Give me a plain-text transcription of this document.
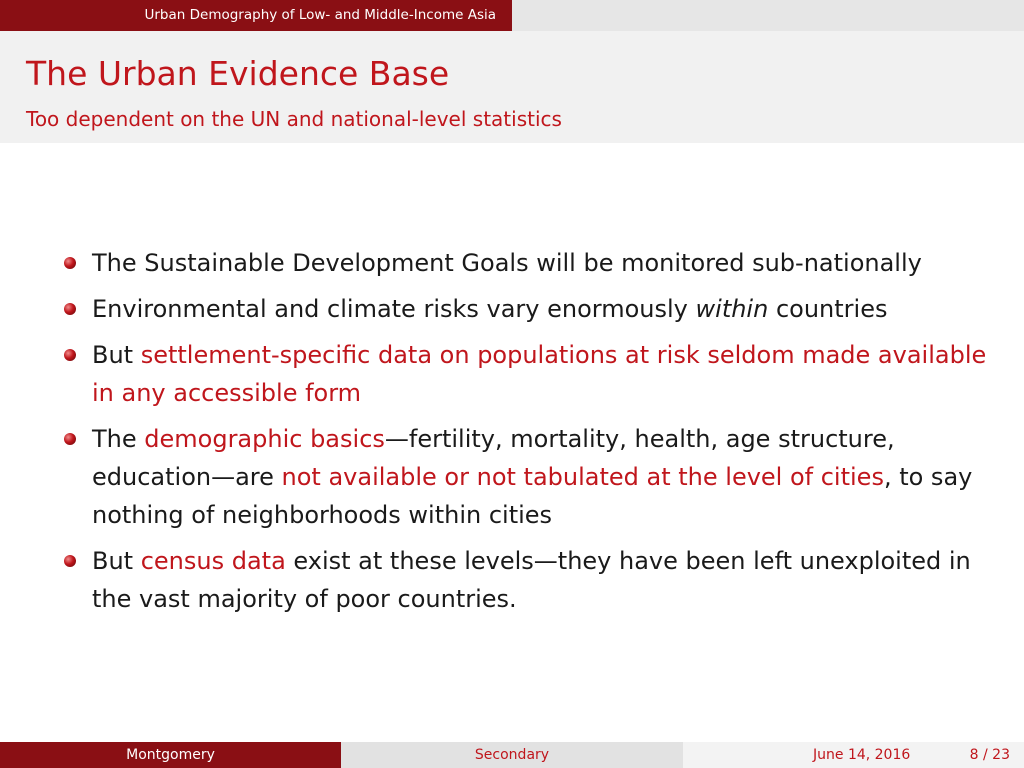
Urban Demography of Low- and Middle-Income Asia
The Urban Evidence Base
Too dependent on the UN and national-level statistics
The Sustainable Development Goals will be monitored sub-nationally
Environmental and climate risks vary enormously within countries
But settlement-specific data on populations at risk seldom made available in any accessible form
The demographic basics—fertility, mortality, health, age structure, education—are not available or not tabulated at the level of cities, to say nothing of neighborhoods within cities
But census data exist at these levels—they have been left unexploited in the vast majority of poor countries.
Montgomery	Secondary	June 14, 2016	8 / 23
